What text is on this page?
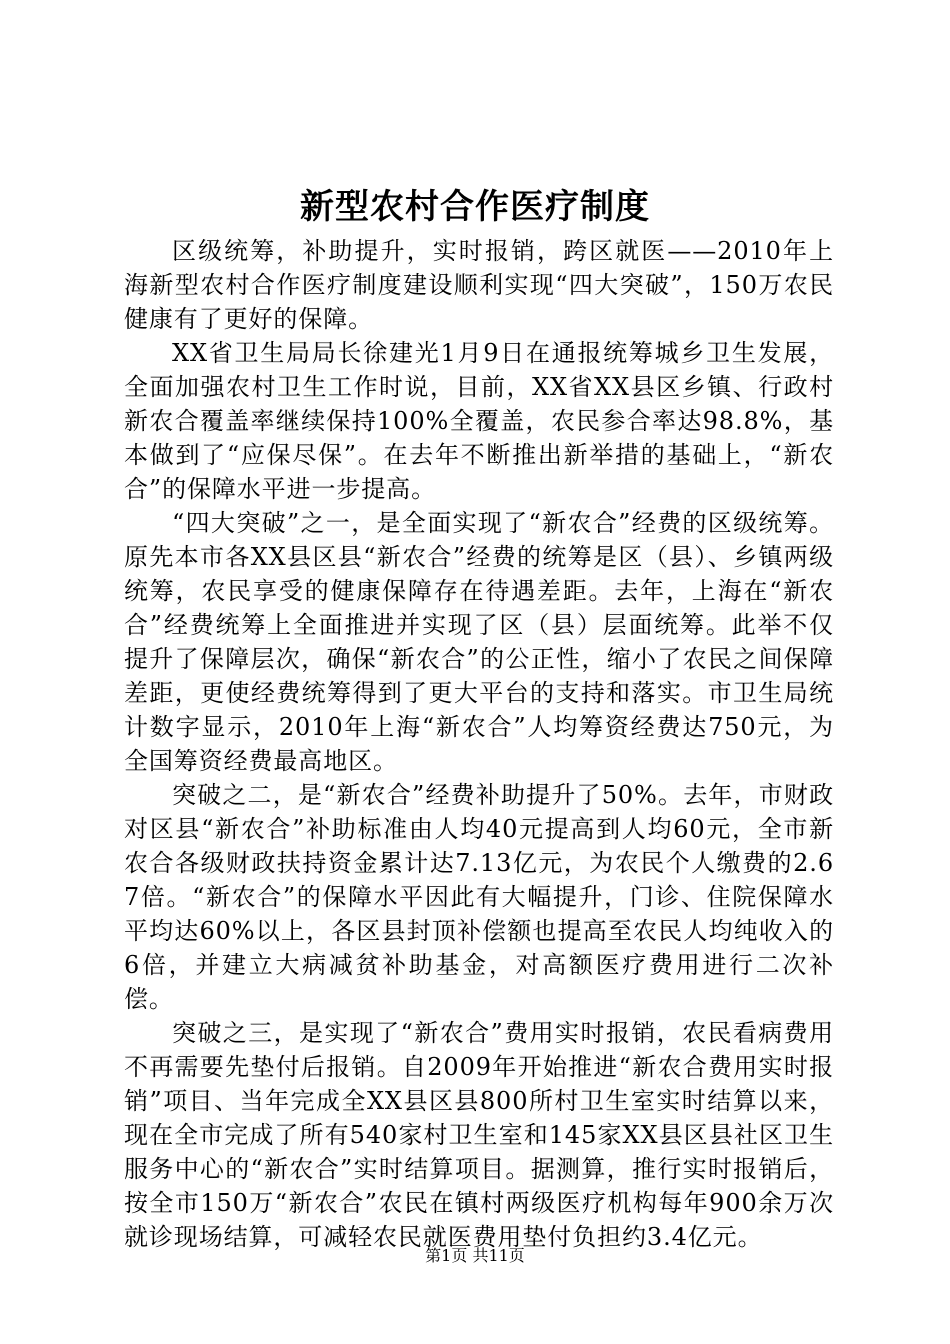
新型农村合作医疗制度

区级统筹，补助提升，实时报销，跨区就医——2010年上海新型农村合作医疗制度建设顺利实现“四大突破”，150万农民健康有了更好的保障。

XX省卫生局局长徐建光1月9日在通报统筹城乡卫生发展，全面加强农村卫生工作时说，目前，XX省XX县区乡镇、行政村新农合覆盖率继续保持100%全覆盖，农民参合率达98.8%，基本做到了“应保尽保”。在去年不断推出新举措的基础上，“新农合”的保障水平进一步提高。

“四大突破”之一，是全面实现了“新农合”经费的区级统筹。原先本市各XX县区县“新农合”经费的统筹是区（县）、乡镇两级统筹，农民享受的健康保障存在待遇差距。去年，上海在“新农合”经费统筹上全面推进并实现了区（县）层面统筹。此举不仅提升了保障层次，确保“新农合”的公正性，缩小了农民之间保障差距，更使经费统筹得到了更大平台的支持和落实。市卫生局统计数字显示，2010年上海“新农合”人均筹资经费达750元，为全国筹资经费最高地区。

突破之二，是“新农合”经费补助提升了50%。去年，市财政对区县“新农合”补助标准由人均40元提高到人均60元，全市新农合各级财政扶持资金累计达7.13亿元，为农民个人缴费的2.67倍。“新农合”的保障水平因此有大幅提升，门诊、住院保障水平均达60%以上，各区县封顶补偿额也提高至农民人均纯收入的6倍，并建立大病减贫补助基金，对高额医疗费用进行二次补偿。

突破之三，是实现了“新农合”费用实时报销，农民看病费用不再需要先垫付后报销。自2009年开始推进“新农合费用实时报销”项目、当年完成全XX县区县800所村卫生室实时结算以来，现在全市完成了所有540家村卫生室和145家XX县区县社区卫生服务中心的“新农合”实时结算项目。据测算，推行实时报销后，按全市150万“新农合”农民在镇村两级医疗机构每年900余万次就诊现场结算，可减轻农民就医费用垫付负担约3.4亿元。

第1页 共11页
